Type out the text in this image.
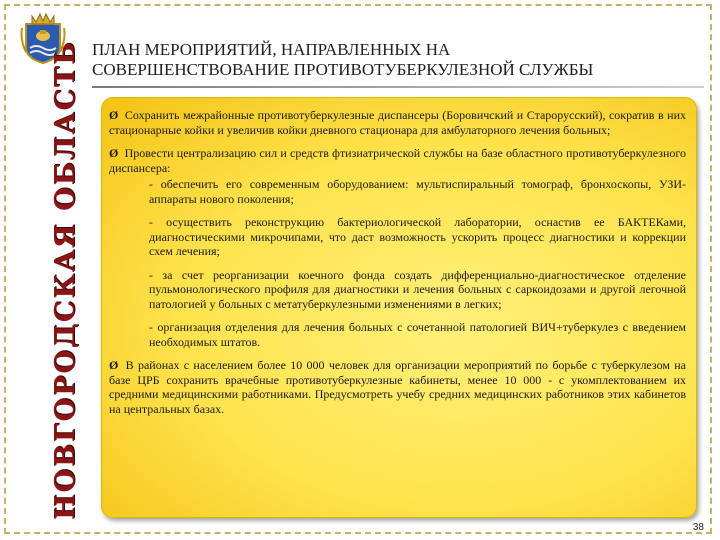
НОВГОРОДСКАЯ ОБЛАСТЬ ПЛАН МЕРОПРИЯТИЙ, НАПРАВЛЕННЫХ НА
СОВЕРШЕНСТВОВАНИЕ ПРОТИВОТУБЕРКУЛЕЗНОЙ СЛУЖБЫ

Ø Сохранить межрайонные противотуберкулезные диспансеры (Боровичский и Старорусский), сократив в них стационарные койки и увеличив койки дневного стационара для амбулаторного лечения больных;

Ø Провести централизацию сил и средств фтизиатрической службы на базе областного противотуберкулезного диспансера:

- обеспечить его современным оборудованием: мультиспиральный томограф, бронхоскопы, УЗИ-аппараты нового поколения;

- осуществить реконструкцию бактериологической лаборатории, оснастив ее БАКТЕКами, диагностическими микрочипами, что даст возможность ускорить процесс диагностики и коррекции схем лечения;

- за счет реорганизации коечного фонда создать дифференциально-диагностическое отделение пульмонологического профиля для диагностики и лечения больных с саркоидозами и другой легочной патологией у больных с метатуберкулезными изменениями в легких;

- организация отделения для лечения больных с сочетанной патологией ВИЧ+туберкулез с введением необходимых штатов.

Ø В районах с населением более 10 000 человек для организации мероприятий по борьбе с туберкулезом на базе ЦРБ сохранить врачебные противотуберкулезные кабинеты, менее 10 000 - с укомплектованием их средними медицинскими работниками. Предусмотреть учебу средних медицинских работников этих кабинетов на центральных базах.

38
